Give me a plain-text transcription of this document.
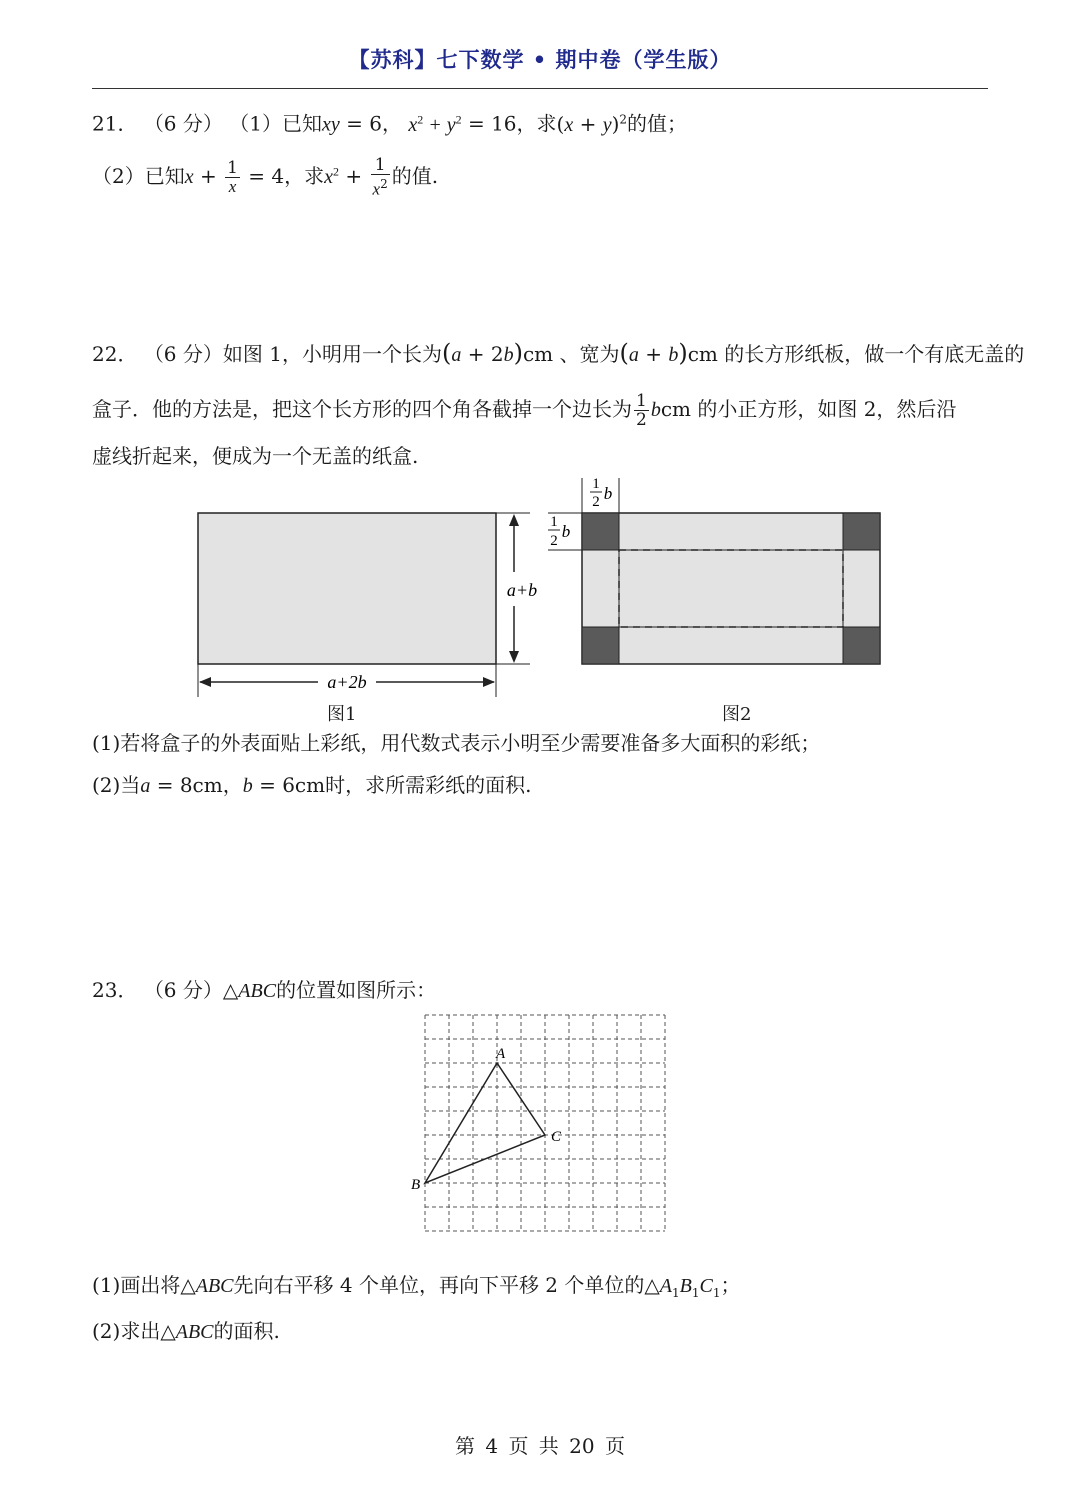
【苏科】七下数学 • 期中卷（学生版）
21． （6 分） （1）已知xy = 6， $x^2 + y^2 = 16$，求$(x + y)^2$的值；
（2）已知$x + \frac{1}{x} = 4$，求$x^2 + \frac{1}{x^2}$ 的值.
22． （6 分）如图 1，小明用一个长为(a + 2b)cm 、宽为(a + b)cm 的长方形纸板，做一个有底无盖的
盒子．他的方法是，把这个长方形的四个角各截掉一个边长为 $\frac{1}{2}$ bcm 的小正方形，如图 2，然后沿
虚线折起来，便成为一个无盖的纸盒.
a+b
a+2b
图1
1
2 b
1
2 b
图2
(1)若将盒子的外表面贴上彩纸，用代数式表示小明至少需要准备多大面积的彩纸；
(2)当a = 8cm，b = 6cm时，求所需彩纸的面积.
23． （6 分）△ABC的位置如图所示：
A
B
C
(1)画出将△ABC先向右平移 4 个单位，再向下平移 2 个单位的$\triangle A_1B_1C_1$；
(2)求出△ABC的面积.
第 4 页 共 20 页
